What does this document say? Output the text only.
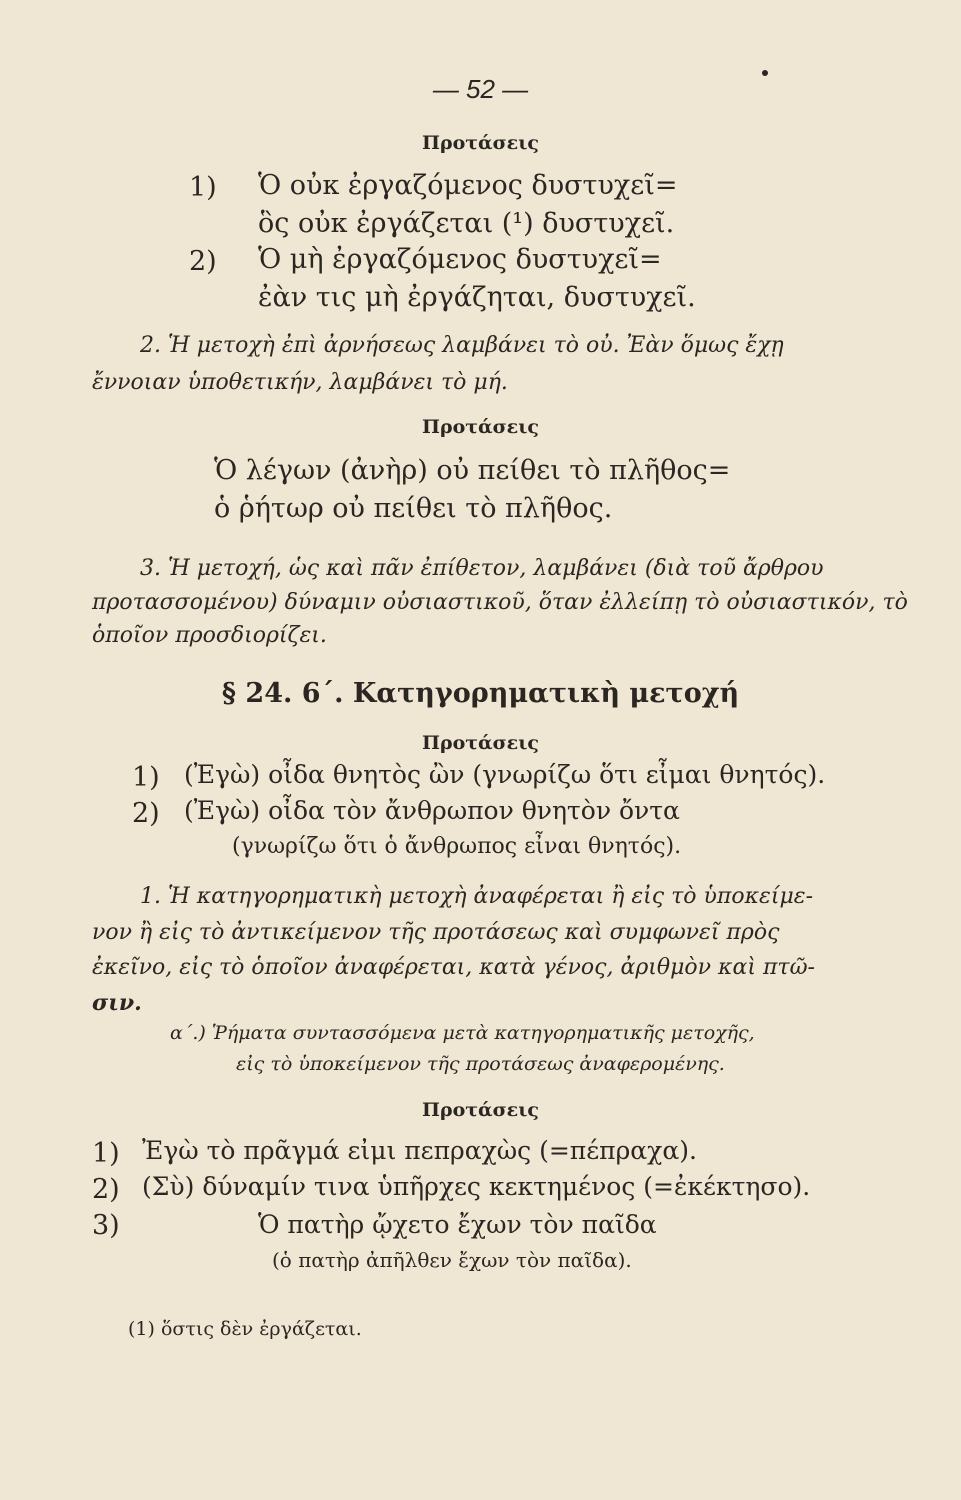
— 52 —
Προτάσεις
1) Ὁ οὐκ ἐργαζόμενος δυστυχεῖ=
ὃς οὐκ ἐργάζεται (¹) δυστυχεῖ.
2) Ὁ μὴ ἐργαζόμενος δυστυχεῖ=
ἐὰν τις μὴ ἐργάζηται, δυστυχεῖ.
2. Ἡ μετοχὴ ἐπὶ ἀρνήσεως λαμβάνει τὸ οὐ. Ἐὰν ὅμως ἔχῃ
ἔννοιαν ὑποθετικήν, λαμβάνει τὸ μή.
Προτάσεις
Ὁ λέγων (ἀνὴρ) οὐ πείθει τὸ πλῆθος=
ὁ ῥήτωρ οὐ πείθει τὸ πλῆθος.
3. Ἡ μετοχή, ὡς καὶ πᾶν ἐπίθετον, λαμβάνει (διὰ τοῦ ἄρθρου
προτασσομένου) δύναμιν οὐσιαστικοῦ, ὅταν ἐλλείπῃ τὸ οὐσιαστικόν, τὸ
ὁποῖον προσδιορίζει.
§ 24. 6΄. Κατηγορηματικὴ μετοχή
Προτάσεις
1) (Ἐγὼ) οἶδα θνητὸς ὢν (γνωρίζω ὅτι εἶμαι θνητός).
2) (Ἐγὼ) οἶδα τὸν ἄνθρωπον θνητὸν ὄντα
(γνωρίζω ὅτι ὁ ἄνθρωπος εἶναι θνητός).
1. Ἡ κατηγορηματικὴ μετοχὴ ἀναφέρεται ἢ εἰς τὸ ὑποκείμε-
νον ἢ εἰς τὸ ἀντικείμενον τῆς προτάσεως καὶ συμφωνεῖ πρὸς
ἐκεῖνο, εἰς τὸ ὁποῖον ἀναφέρεται, κατὰ γένος, ἀριθμὸν καὶ πτῶ-
σιν.
α΄.) Ῥήματα συντασσόμενα μετὰ κατηγορηματικῆς μετοχῆς,
εἰς τὸ ὑποκείμενον τῆς προτάσεως ἀναφερομένης.
Προτάσεις
1) Ἐγὼ τὸ πρᾶγμά εἰμι πεπραχὼς (=πέπραχα).
2) (Σὺ) δύναμίν τινα ὑπῆρχες κεκτημένος (=ἐκέκτησο).
3)	Ὁ πατὴρ ᾤχετο ἔχων τὸν παῖδα
(ὁ πατὴρ ἀπῆλθεν ἔχων τὸν παῖδα).
(1) ὅστις δὲν ἐργάζεται.
